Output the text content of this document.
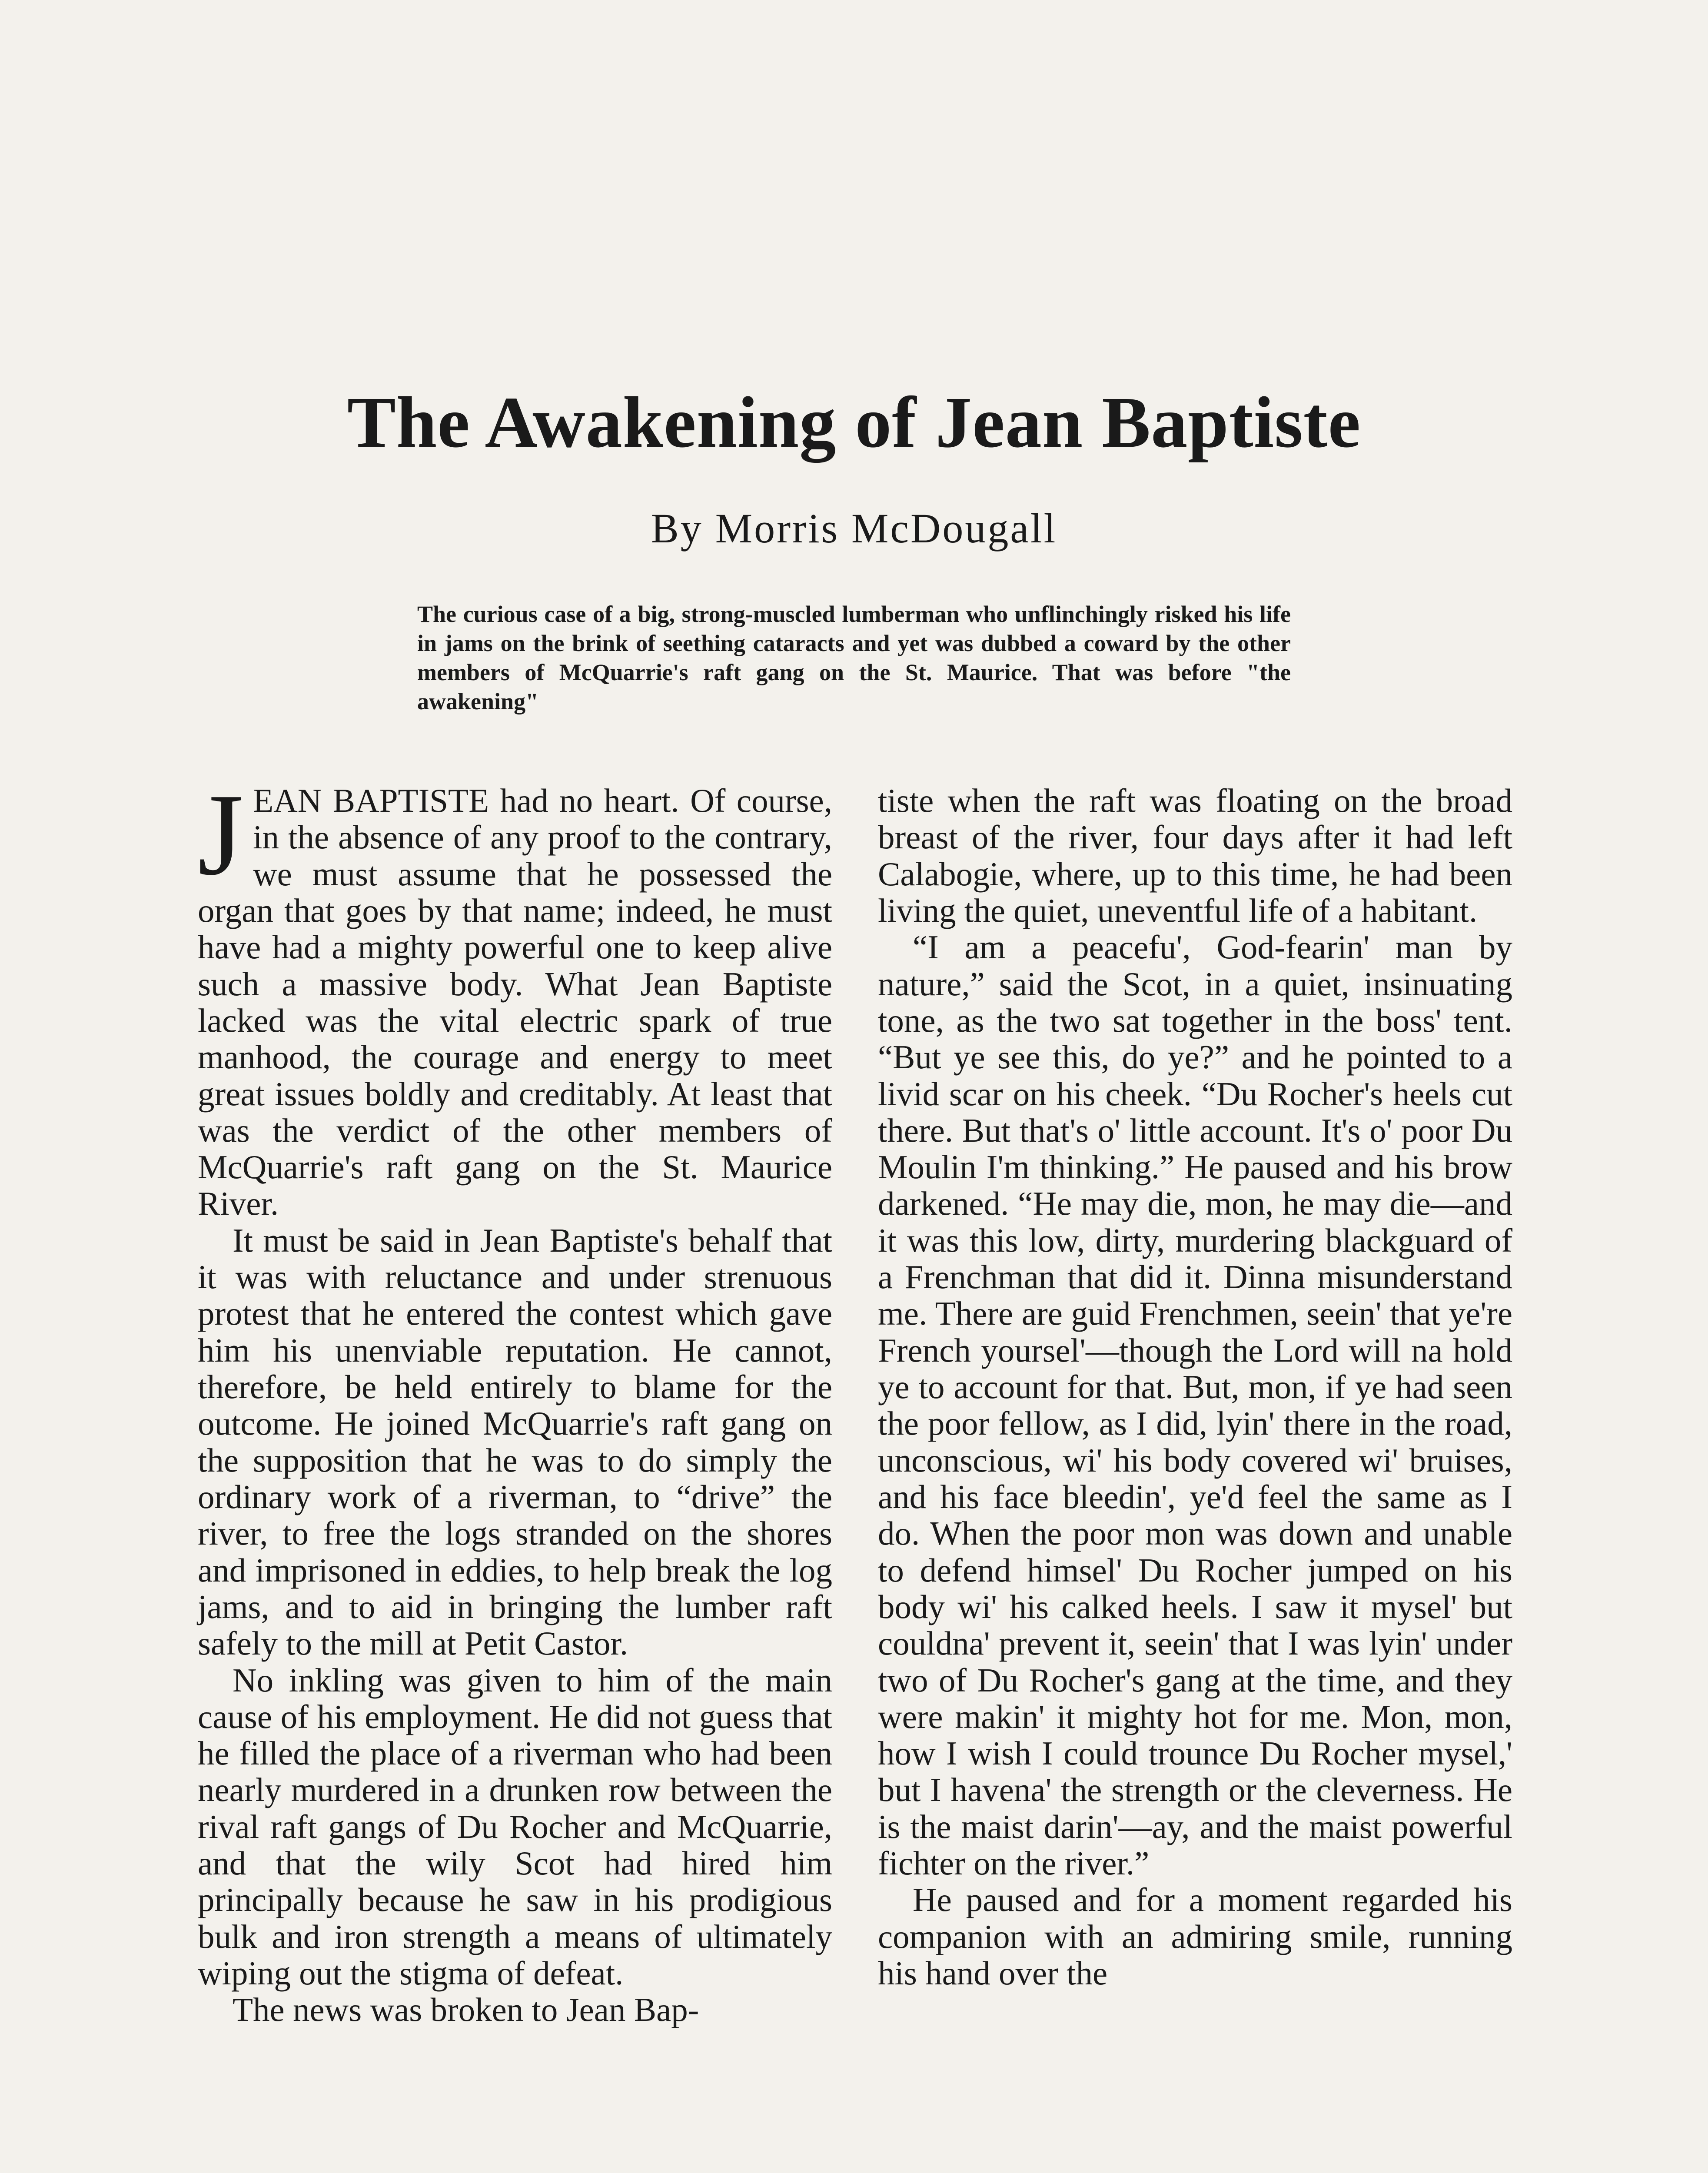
The Awakening of Jean Baptiste
By Morris McDougall

The curious case of a big, strong-muscled lumberman who unflinchingly risked his life in jams on the brink of seething cataracts and yet was dubbed a coward by the other members of McQuarrie's raft gang on the St. Maurice. That was before "the awakening"

JEAN BAPTISTE had no heart. Of course, in the absence of any proof to the contrary, we must assume that he possessed the organ that goes by that name; indeed, he must have had a mighty powerful one to keep alive such a massive body. What Jean Baptiste lacked was the vital electric spark of true manhood, the courage and energy to meet great issues boldly and creditably. At least that was the verdict of the other members of McQuarrie's raft gang on the St. Maurice River.

It must be said in Jean Baptiste's behalf that it was with reluctance and under strenuous protest that he entered the contest which gave him his unenviable reputation. He cannot, therefore, be held entirely to blame for the outcome. He joined McQuarrie's raft gang on the supposition that he was to do simply the ordinary work of a riverman, to “drive” the river, to free the logs stranded on the shores and imprisoned in eddies, to help break the log jams, and to aid in bringing the lumber raft safely to the mill at Petit Castor.

No inkling was given to him of the main cause of his employment. He did not guess that he filled the place of a riverman who had been nearly murdered in a drunken row between the rival raft gangs of Du Rocher and McQuarrie, and that the wily Scot had hired him principally because he saw in his prodigious bulk and iron strength a means of ultimately wiping out the stigma of defeat.

The news was broken to Jean Bap-

tiste when the raft was floating on the broad breast of the river, four days after it had left Calabogie, where, up to this time, he had been living the quiet, uneventful life of a habitant.

“I am a peacefu', God-fearin' man by nature,” said the Scot, in a quiet, insinuating tone, as the two sat together in the boss' tent. “But ye see this, do ye?” and he pointed to a livid scar on his cheek. “Du Rocher's heels cut there. But that's o' little account. It's o' poor Du Moulin I'm thinking.” He paused and his brow darkened. “He may die, mon, he may die—and it was this low, dirty, murdering blackguard of a Frenchman that did it. Dinna misunderstand me. There are guid Frenchmen, seein' that ye're French yoursel'—though the Lord will na hold ye to account for that. But, mon, if ye had seen the poor fellow, as I did, lyin' there in the road, unconscious, wi' his body covered wi' bruises, and his face bleedin', ye'd feel the same as I do. When the poor mon was down and unable to defend himsel' Du Rocher jumped on his body wi' his calked heels. I saw it mysel' but couldna' prevent it, seein' that I was lyin' under two of Du Rocher's gang at the time, and they were makin' it mighty hot for me. Mon, mon, how I wish I could trounce Du Rocher mysel,' but I havena' the strength or the cleverness. He is the maist darin'—ay, and the maist powerful fichter on the river.”

He paused and for a moment regarded his companion with an admiring smile, running his hand over the
